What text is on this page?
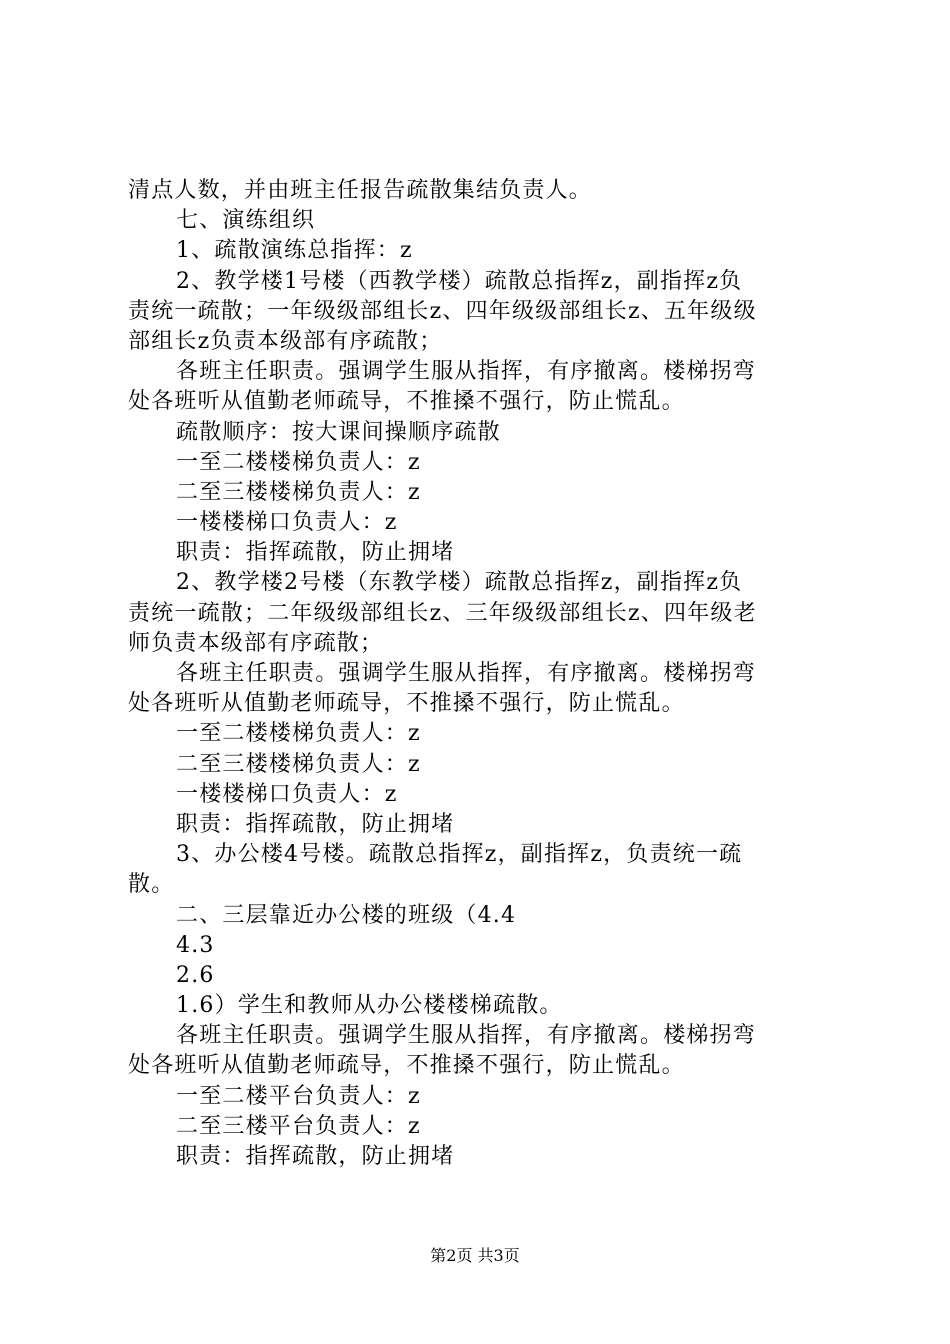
清点人数，并由班主任报告疏散集结负责人。
七、演练组织
1、疏散演练总指挥：z
2、教学楼1号楼（西教学楼）疏散总指挥z，副指挥z负
责统一疏散；一年级级部组长z、四年级级部组长z、五年级级
部组长z负责本级部有序疏散；
各班主任职责。强调学生服从指挥，有序撤离。楼梯拐弯
处各班听从值勤老师疏导，不推搡不强行，防止慌乱。
疏散顺序：按大课间操顺序疏散
一至二楼楼梯负责人：z
二至三楼楼梯负责人：z
一楼楼梯口负责人：z
职责：指挥疏散，防止拥堵
2、教学楼2号楼（东教学楼）疏散总指挥z，副指挥z负
责统一疏散；二年级级部组长z、三年级级部组长z、四年级老
师负责本级部有序疏散；
各班主任职责。强调学生服从指挥，有序撤离。楼梯拐弯
处各班听从值勤老师疏导，不推搡不强行，防止慌乱。
一至二楼楼梯负责人：z
二至三楼楼梯负责人：z
一楼楼梯口负责人：z
职责：指挥疏散，防止拥堵
3、办公楼4号楼。疏散总指挥z，副指挥z，负责统一疏
散。
二、三层靠近办公楼的班级（4.4
4.3
2.6
1.6）学生和教师从办公楼楼梯疏散。
各班主任职责。强调学生服从指挥，有序撤离。楼梯拐弯
处各班听从值勤老师疏导，不推搡不强行，防止慌乱。
一至二楼平台负责人：z
二至三楼平台负责人：z
职责：指挥疏散，防止拥堵
第2页 共3页
